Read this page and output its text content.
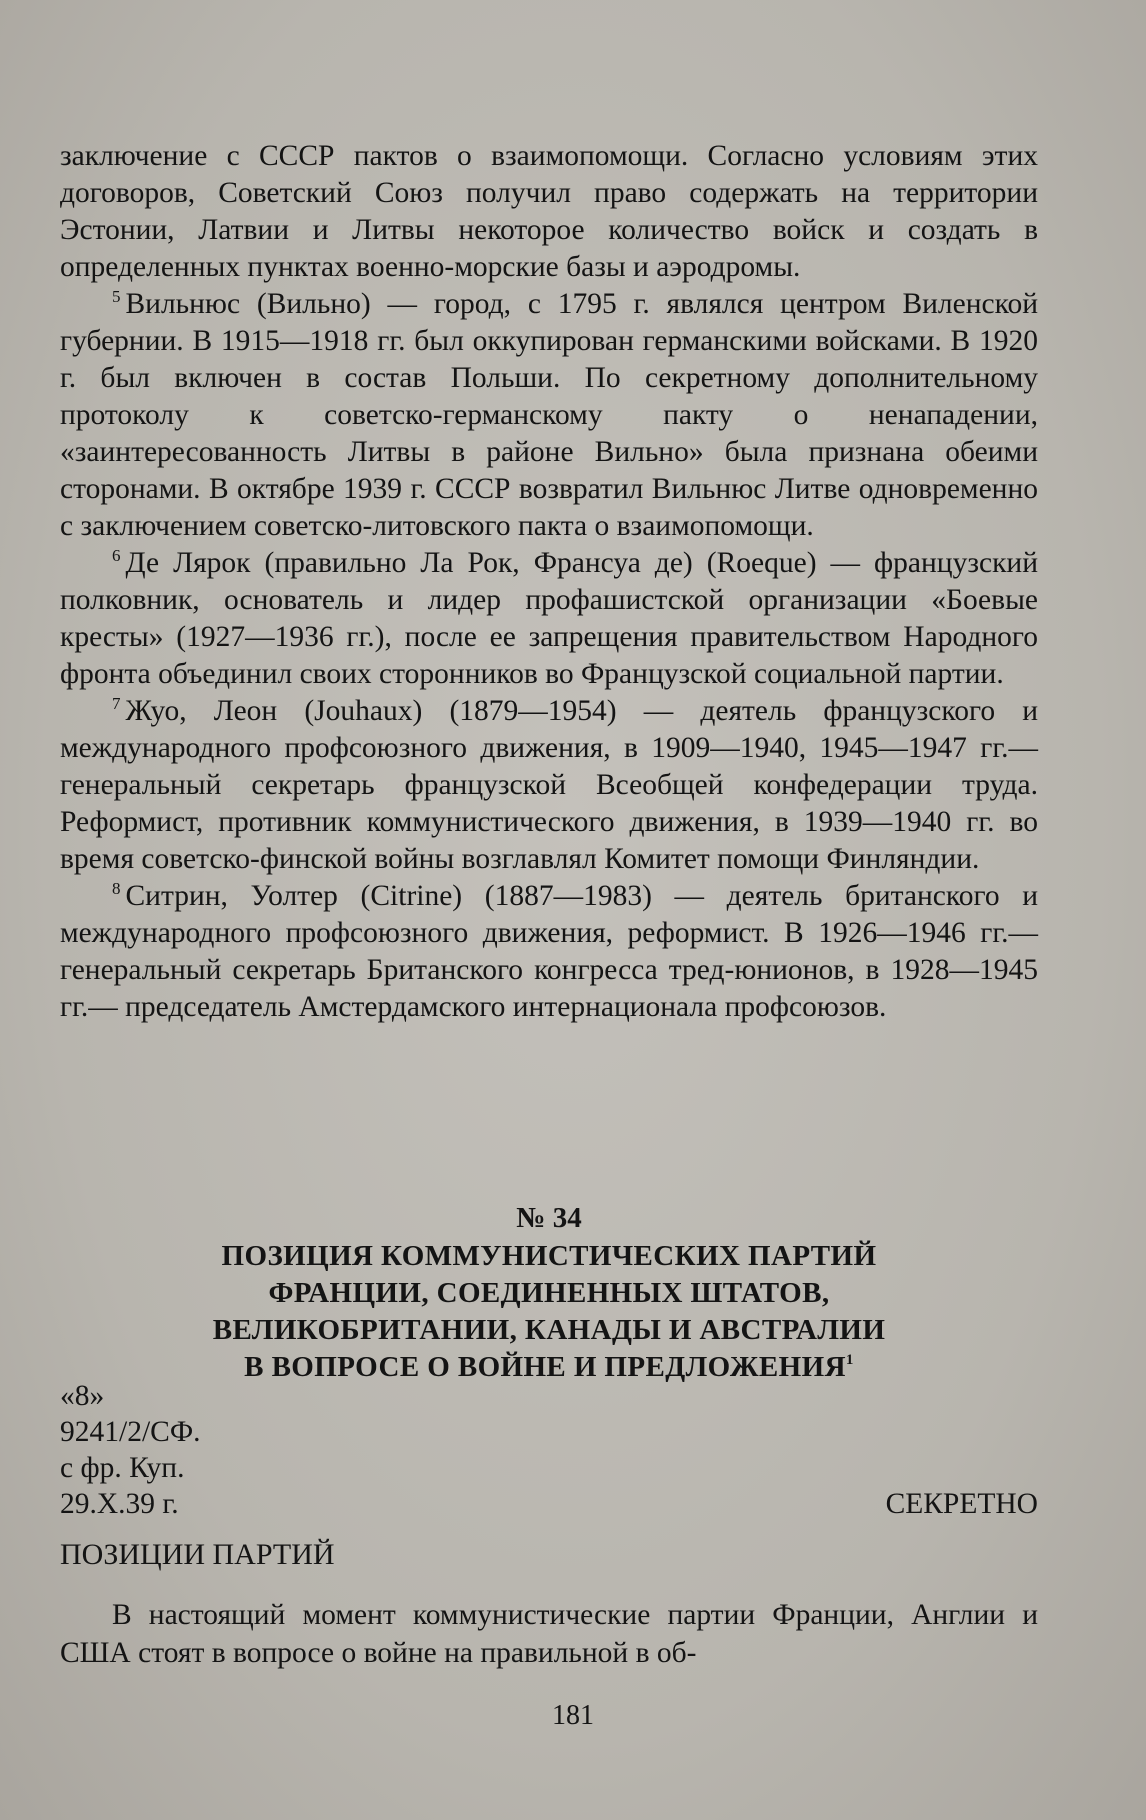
заключение с СССР пактов о взаимопомощи. Согласно условиям этих договоров, Советский Союз получил право содержать на территории Эстонии, Латвии и Литвы некоторое количество войск и создать в определенных пунктах военно-морские базы и аэродромы.

$^5$ Вильнюс (Вильно) — город, с 1795 г. являлся центром Виленской губернии. В 1915—1918 гг. был оккупирован германскими войсками. В 1920 г. был включен в состав Польши. По секретному дополнительному протоколу к советско-германскому пакту о ненападении, «заинтересованность Литвы в районе Вильно» была признана обеими сторонами. В октябре 1939 г. СССР возвратил Вильнюс Литве одновременно с заключением советско-литовского пакта о взаимопомощи.

$^6$ Де Лярок (правильно Ла Рок, Франсуа де) (Roeque) — французский полковник, основатель и лидер профашистской организации «Боевые кресты» (1927—1936 гг.), после ее запрещения правительством Народного фронта объединил своих сторонников во Французской социальной партии.

$^7$ Жуо, Леон (Jouhaux) (1879—1954) — деятель французского и международного профсоюзного движения, в 1909—1940, 1945—1947 гг.— генеральный секретарь французской Всеобщей конфедерации труда. Реформист, противник коммунистического движения, в 1939—1940 гг. во время советско-финской войны возглавлял Комитет помощи Финляндии.

$^8$ Ситрин, Уолтер (Citrine) (1887—1983) — деятель британского и международного профсоюзного движения, реформист. В 1926—1946 гг.— генеральный секретарь Британского конгресса тред-юнионов, в 1928—1945 гг.— председатель Амстердамского интернационала профсоюзов.

№ 34

ПОЗИЦИЯ КОММУНИСТИЧЕСКИХ ПАРТИЙ

ФРАНЦИИ, СОЕДИНЕННЫХ ШТАТОВ,

ВЕЛИКОБРИТАНИИ, КАНАДЫ И АВСТРАЛИИ

В ВОПРОСЕ О ВОЙНЕ И ПРЕДЛОЖЕНИЯ$^1$

«8»
9241/2/СФ.
с фр. Куп.
29.X.39 г.	СЕКРЕТНО

ПОЗИЦИИ ПАРТИЙ

В настоящий момент коммунистические партии Франции, Англии и США стоят в вопросе о войне на правильной в об-

181
